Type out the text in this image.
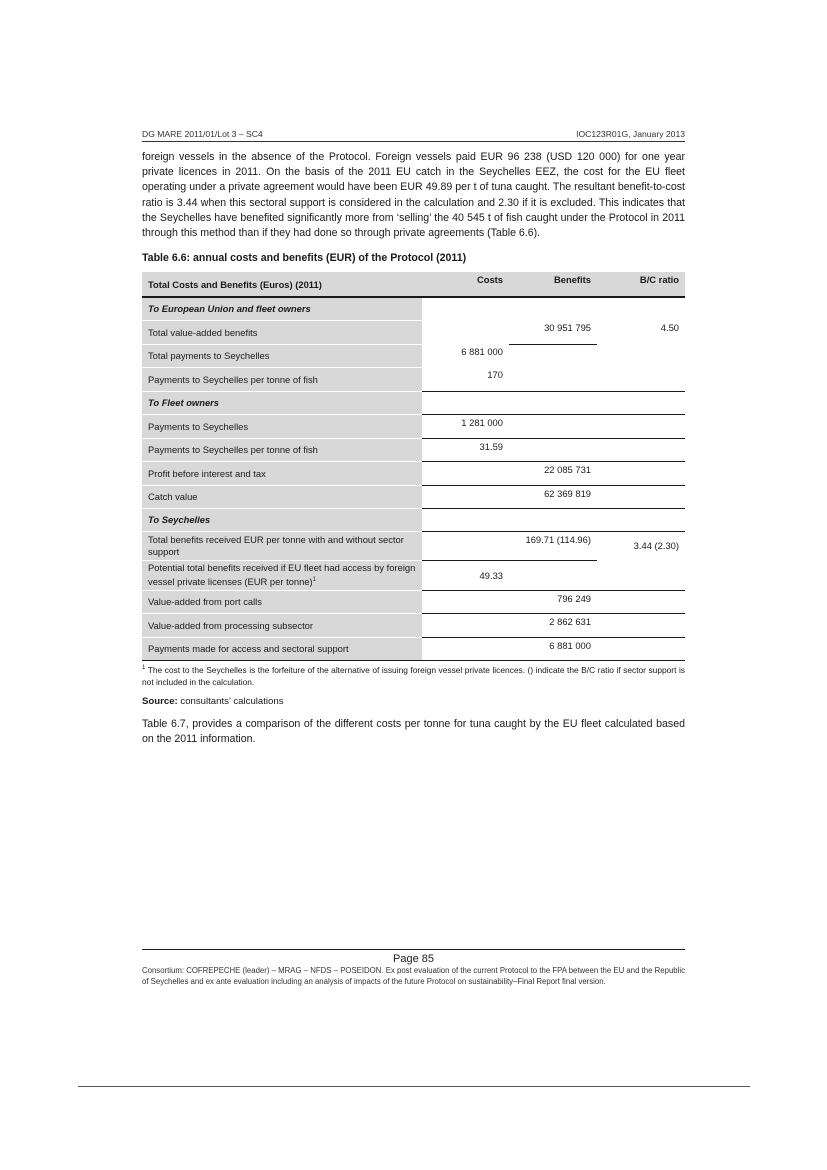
DG MARE 2011/01/Lot 3 – SC4	IOC123R01G, January 2013
foreign vessels in the absence of the Protocol. Foreign vessels paid EUR 96 238 (USD 120 000) for one year private licences in 2011. On the basis of the 2011 EU catch in the Seychelles EEZ, the cost for the EU fleet operating under a private agreement would have been EUR 49.89 per t of tuna caught. The resultant benefit-to-cost ratio is 3.44 when this sectoral support is considered in the calculation and 2.30 if it is excluded. This indicates that the Seychelles have benefited significantly more from ‘selling’ the 40 545 t of fish caught under the Protocol in 2011 through this method than if they had done so through private agreements (Table 6.6).
Table 6.6: annual costs and benefits (EUR) of the Protocol (2011)
Total Costs and Benefits (Euros) (2011)	Costs	Benefits	B/C ratio
To European Union and fleet owners			
Total value-added benefits		30 951 795	4.50
Total payments to Seychelles	6 881 000		
Payments to Seychelles per tonne of fish	170		
To Fleet owners			
Payments to Seychelles	1 281 000		
Payments to Seychelles per tonne of fish	31.59		
Profit before interest and tax		22 085 731	
Catch value		62 369 819	
To Seychelles			
Total benefits received EUR per tonne with and without sector support		169.71 (114.96)	3.44 (2.30)
Potential total benefits received if EU fleet had access by foreign vessel private licenses (EUR per tonne)$^1$	49.33		
Value-added from port calls		796 249	
Value-added from processing subsector		2 862 631	
Payments made for access and sectoral support		6 881 000	
$^1$ The cost to the Seychelles is the forfeiture of the alternative of issuing foreign vessel private licences. () indicate the B/C ratio if sector support is not included in the calculation.
Source: consultants’ calculations
Table 6.7, provides a comparison of the different costs per tonne for tuna caught by the EU fleet calculated based on the 2011 information.
Page 85
Consortium: COFREPECHE (leader) – MRAG – NFDS – POSEIDON. Ex post evaluation of the current Protocol to the FPA between the EU and the Republic of Seychelles and ex ante evaluation including an analysis of impacts of the future Protocol on sustainability–Final Report final version.
